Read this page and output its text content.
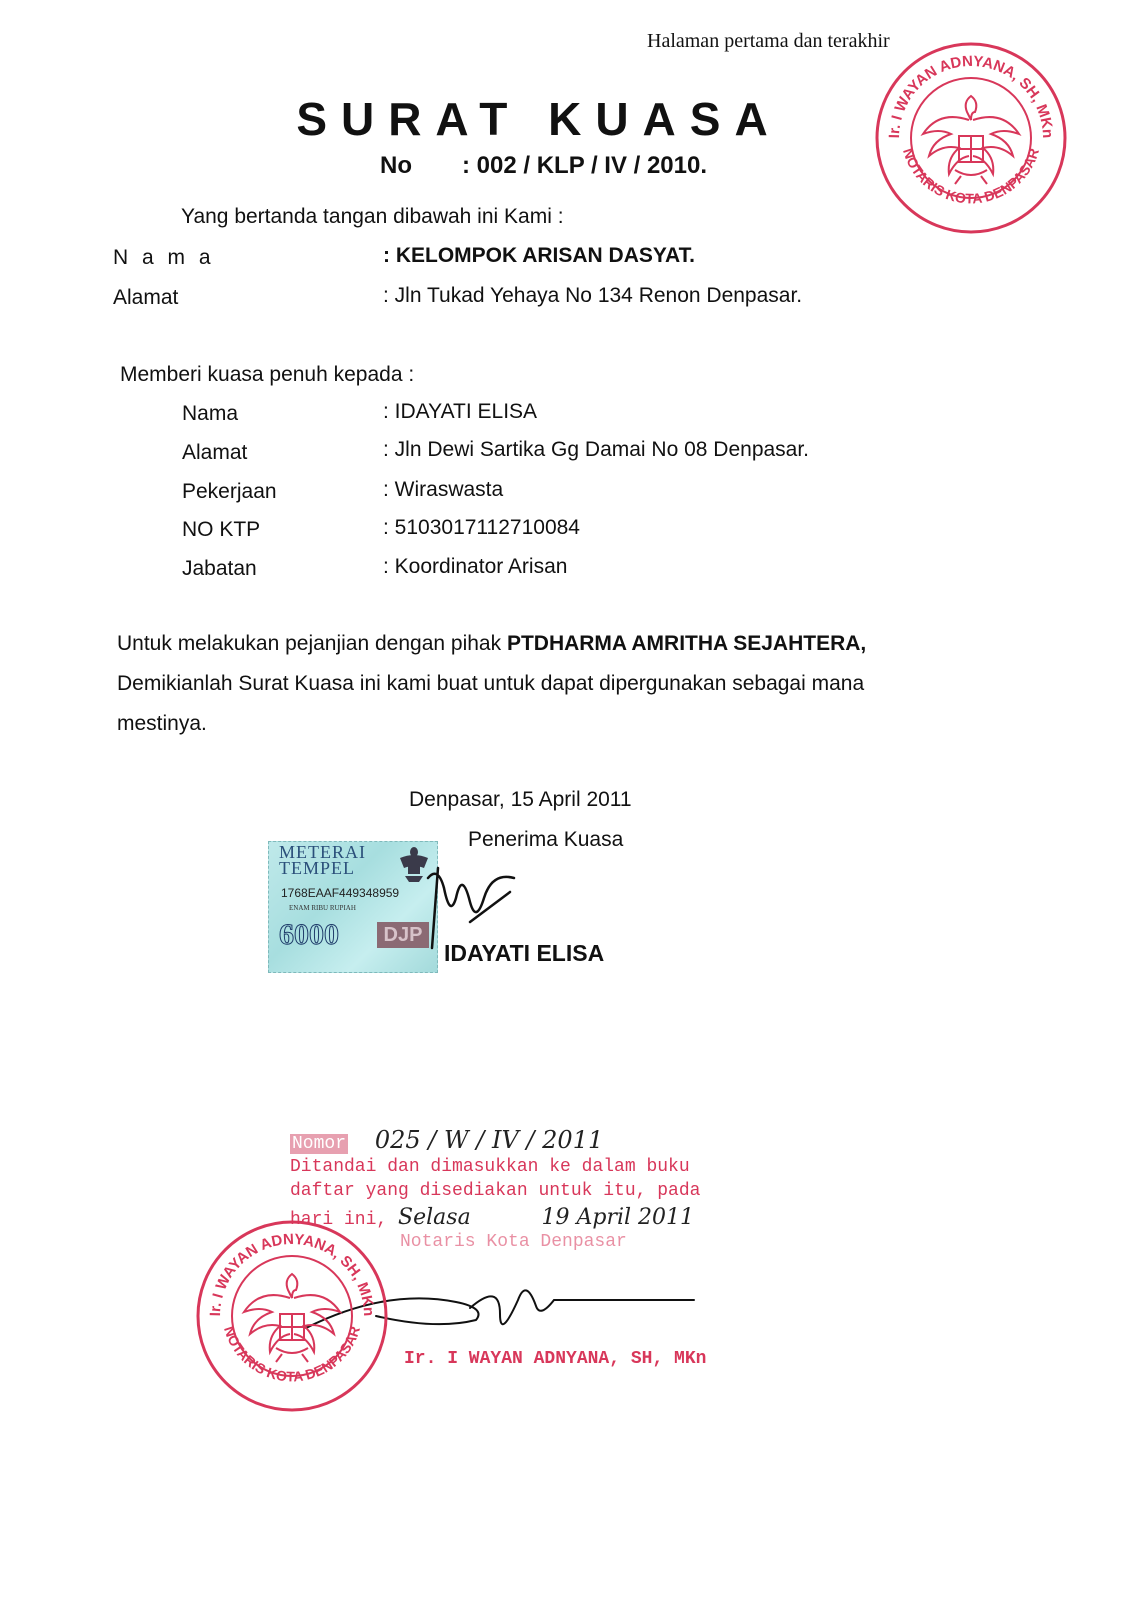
Halaman pertama dan terakhir
Ir. I WAYAN ADNYANA, SH, MKn
NOTARIS KOTA DENPASAR
SURAT KUASA
No : 002 / KLP / IV / 2010.
Yang bertanda tangan dibawah ini Kami :
N a m a	: KELOMPOK ARISAN DASYAT.
Alamat	: Jln Tukad Yehaya No 134 Renon Denpasar.
Memberi kuasa penuh kepada :
Nama	: IDAYATI ELISA
Alamat	: Jln Dewi Sartika Gg Damai No 08 Denpasar.
Pekerjaan	: Wiraswasta
NO KTP	: 5103017112710084
Jabatan	: Koordinator Arisan
Untuk melakukan pejanjian dengan pihak PTDHARMA AMRITHA SEJAHTERA,
Demikianlah Surat Kuasa ini kami buat untuk dapat dipergunakan sebagai mana
mestinya.
Denpasar, 15 April 2011
Penerima Kuasa
METERAI TEMPEL
1768EAAF449348959
ENAM RIBU RUPIAH
6000	DJP
IDAYATI ELISA
Nomor 025 / W / IV / 2011
Ditandai dan dimasukkan ke dalam buku
daftar yang disediakan untuk itu, pada
hari ini, Selasa	19 April 2011
Notaris Kota Denpasar
Ir. I WAYAN ADNYANA, SH, MKn
Ir. I WAYAN ADNYANA, SH, MKn
NOTARIS KOTA DENPASAR
